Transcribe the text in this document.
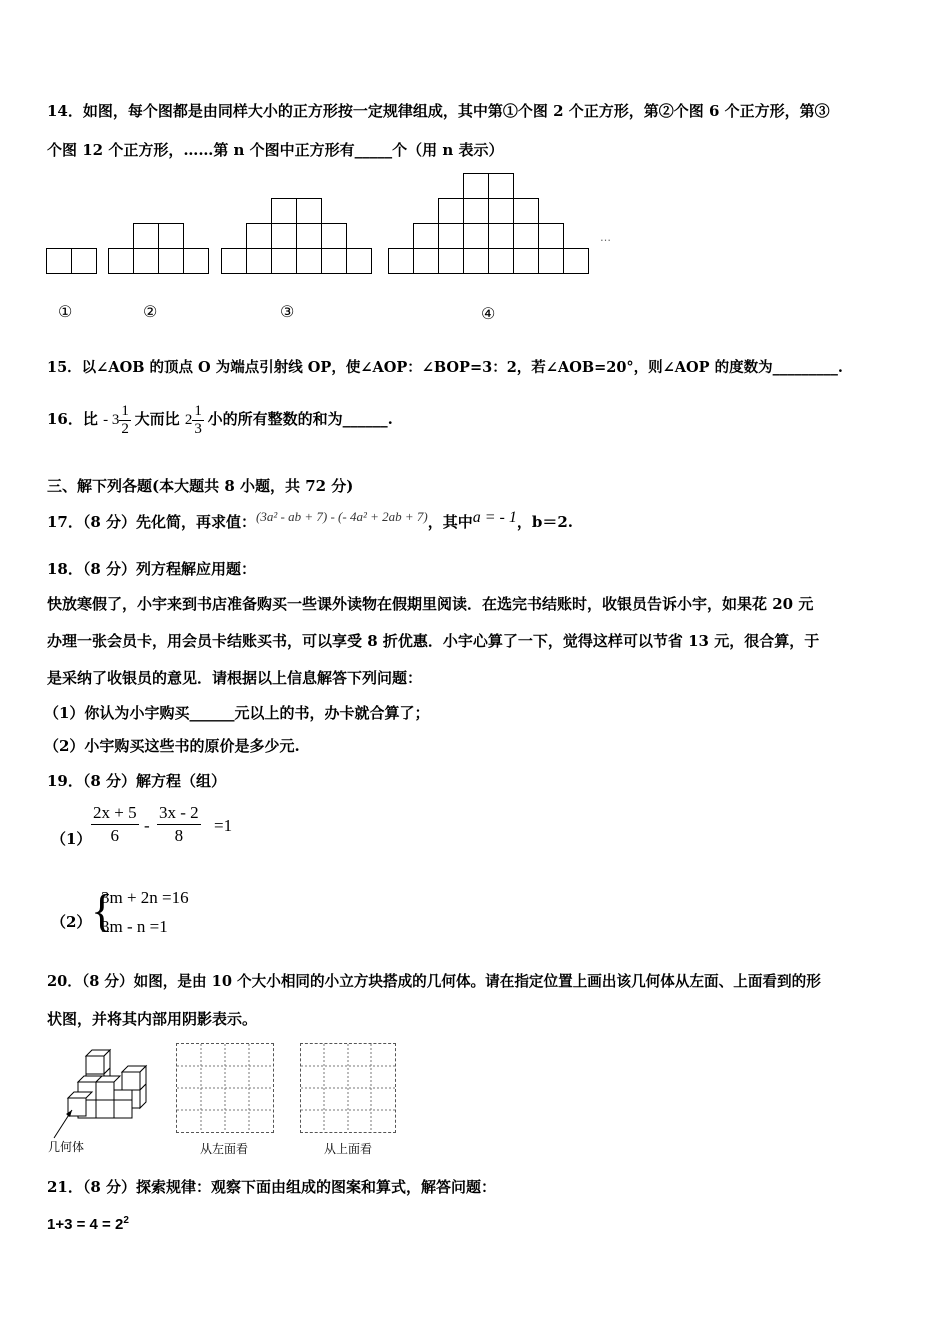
14．如图，每个图都是由同样大小的正方形按一定规律组成，其中第①个图 2 个正方形，第②个图 6 个正方形，第③
个图 12 个正方形，……第 n 个图中正方形有_____个（用 n 表示）
…
①	②	③	④
15．以∠AOB 的顶点 O 为端点引射线 OP，使∠AOP：∠BOP=3：2，若∠AOB=20°，则∠AOP 的度数为_________.
16．比 - $3 \frac{1}{2}$ 大而比 $2 \frac{1}{3}$ 小的所有整数的和为______.
三、解下列各题(本大题共 8 小题，共 72 分)
17．（8 分）先化简，再求值：(3a² - ab + 7) - (- 4a² + 2ab + 7)，其中a = - 1，b＝2.
18．（8 分）列方程解应用题：
快放寒假了，小宇来到书店准备购买一些课外读物在假期里阅读．在选完书结账时，收银员告诉小宇，如果花 20 元
办理一张会员卡，用会员卡结账买书，可以享受 8 折优惠．小宇心算了一下，觉得这样可以节省 13 元，很合算，于
是采纳了收银员的意见．请根据以上信息解答下列问题：
（1）你认为小宇购买______元以上的书，办卡就合算了；
（2）小宇购买这些书的原价是多少元.
19．（8 分）解方程（组）
$(1) \frac{2x + 5}{6} - \frac{3x - 2}{8} =1$
（2） {
3m + 2n =16
3m - n =1
20．（8 分）如图，是由 10 个大小相同的小立方块搭成的几何体。请在指定位置上画出该几何体从左面、上面看到的形
状图，并将其内部用阴影表示。
几何体	从左面看	从上面看
21．（8 分）探索规律：观察下面由组成的图案和算式，解答问题：
$1+3 = 4 = 2^2$
